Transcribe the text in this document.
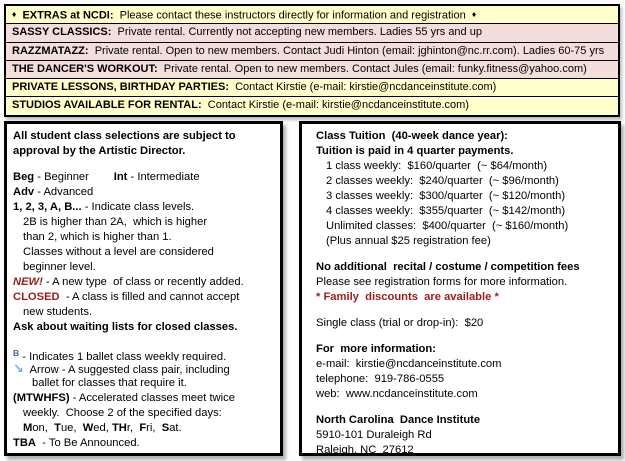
♦  EXTRAS at NCDI:  Please contact these instructors directly for information and registration  ♦
SASSY CLASSICS:  Private rental. Currently not accepting new members. Ladies 55 yrs and up
RAZZMATAZZ:  Private rental. Open to new members. Contact Judi Hinton (email: jghinton@nc.rr.com). Ladies 60-75 yrs
THE DANCER'S WORKOUT:  Private rental. Open to new members. Contact Jules (email: funky.fitness@yahoo.com)
PRIVATE LESSONS, BIRTHDAY PARTIES:  Contact Kirstie (e-mail: kirstie@ncdanceinstitute.com)
STUDIOS AVAILABLE FOR RENTAL:  Contact Kirstie (e-mail: kirstie@ncdanceinstitute.com)
All student class selections are subject to
approval by the Artistic Director.
Beg - Beginner        Int - Intermediate
Adv - Advanced
1, 2, 3, A, B... - Indicate class levels.
2B is higher than 2A,  which is higher
than 2, which is higher than 1.
Classes without a level are considered
beginner level.
NEW! - A new type  of class or recently added.
CLOSED  - A class is filled and cannot accept
new students.
Ask about waiting lists for closed classes.
$^B$ - Indicates 1 ballet class weekly required.
↘  Arrow - A suggested class pair, including
ballet for classes that require it.
(MTWHFS) - Accelerated classes meet twice
weekly.  Choose 2 of the specified days:
Mon,  Tue,  Wed, THr,  Fri,  Sat.
TBA  - To Be Announced.
Class Tuition  (40-week dance year):
Tuition is paid in 4 quarter payments.
1 class weekly:  $160/quarter  (~ $64/month)
2 classes weekly:  $240/quarter  (~ $96/month)
3 classes weekly:  $300/quarter  (~ $120/month)
4 classes weekly:  $355/quarter  (~ $142/month)
Unlimited classes:  $400/quarter  (~ $160/month)
(Plus annual $25 registration fee)
No additional  recital / costume / competition fees
Please see registration forms for more information.
* Family  discounts  are available *
Single class (trial or drop-in):  $20
For  more information:
e-mail:  kirstie@ncdanceinstitute.com
telephone:  919-786-0555
web:  www.ncdanceinstitute.com
North Carolina  Dance Institute
5910-101 Duraleigh Rd
Raleigh, NC  27612
